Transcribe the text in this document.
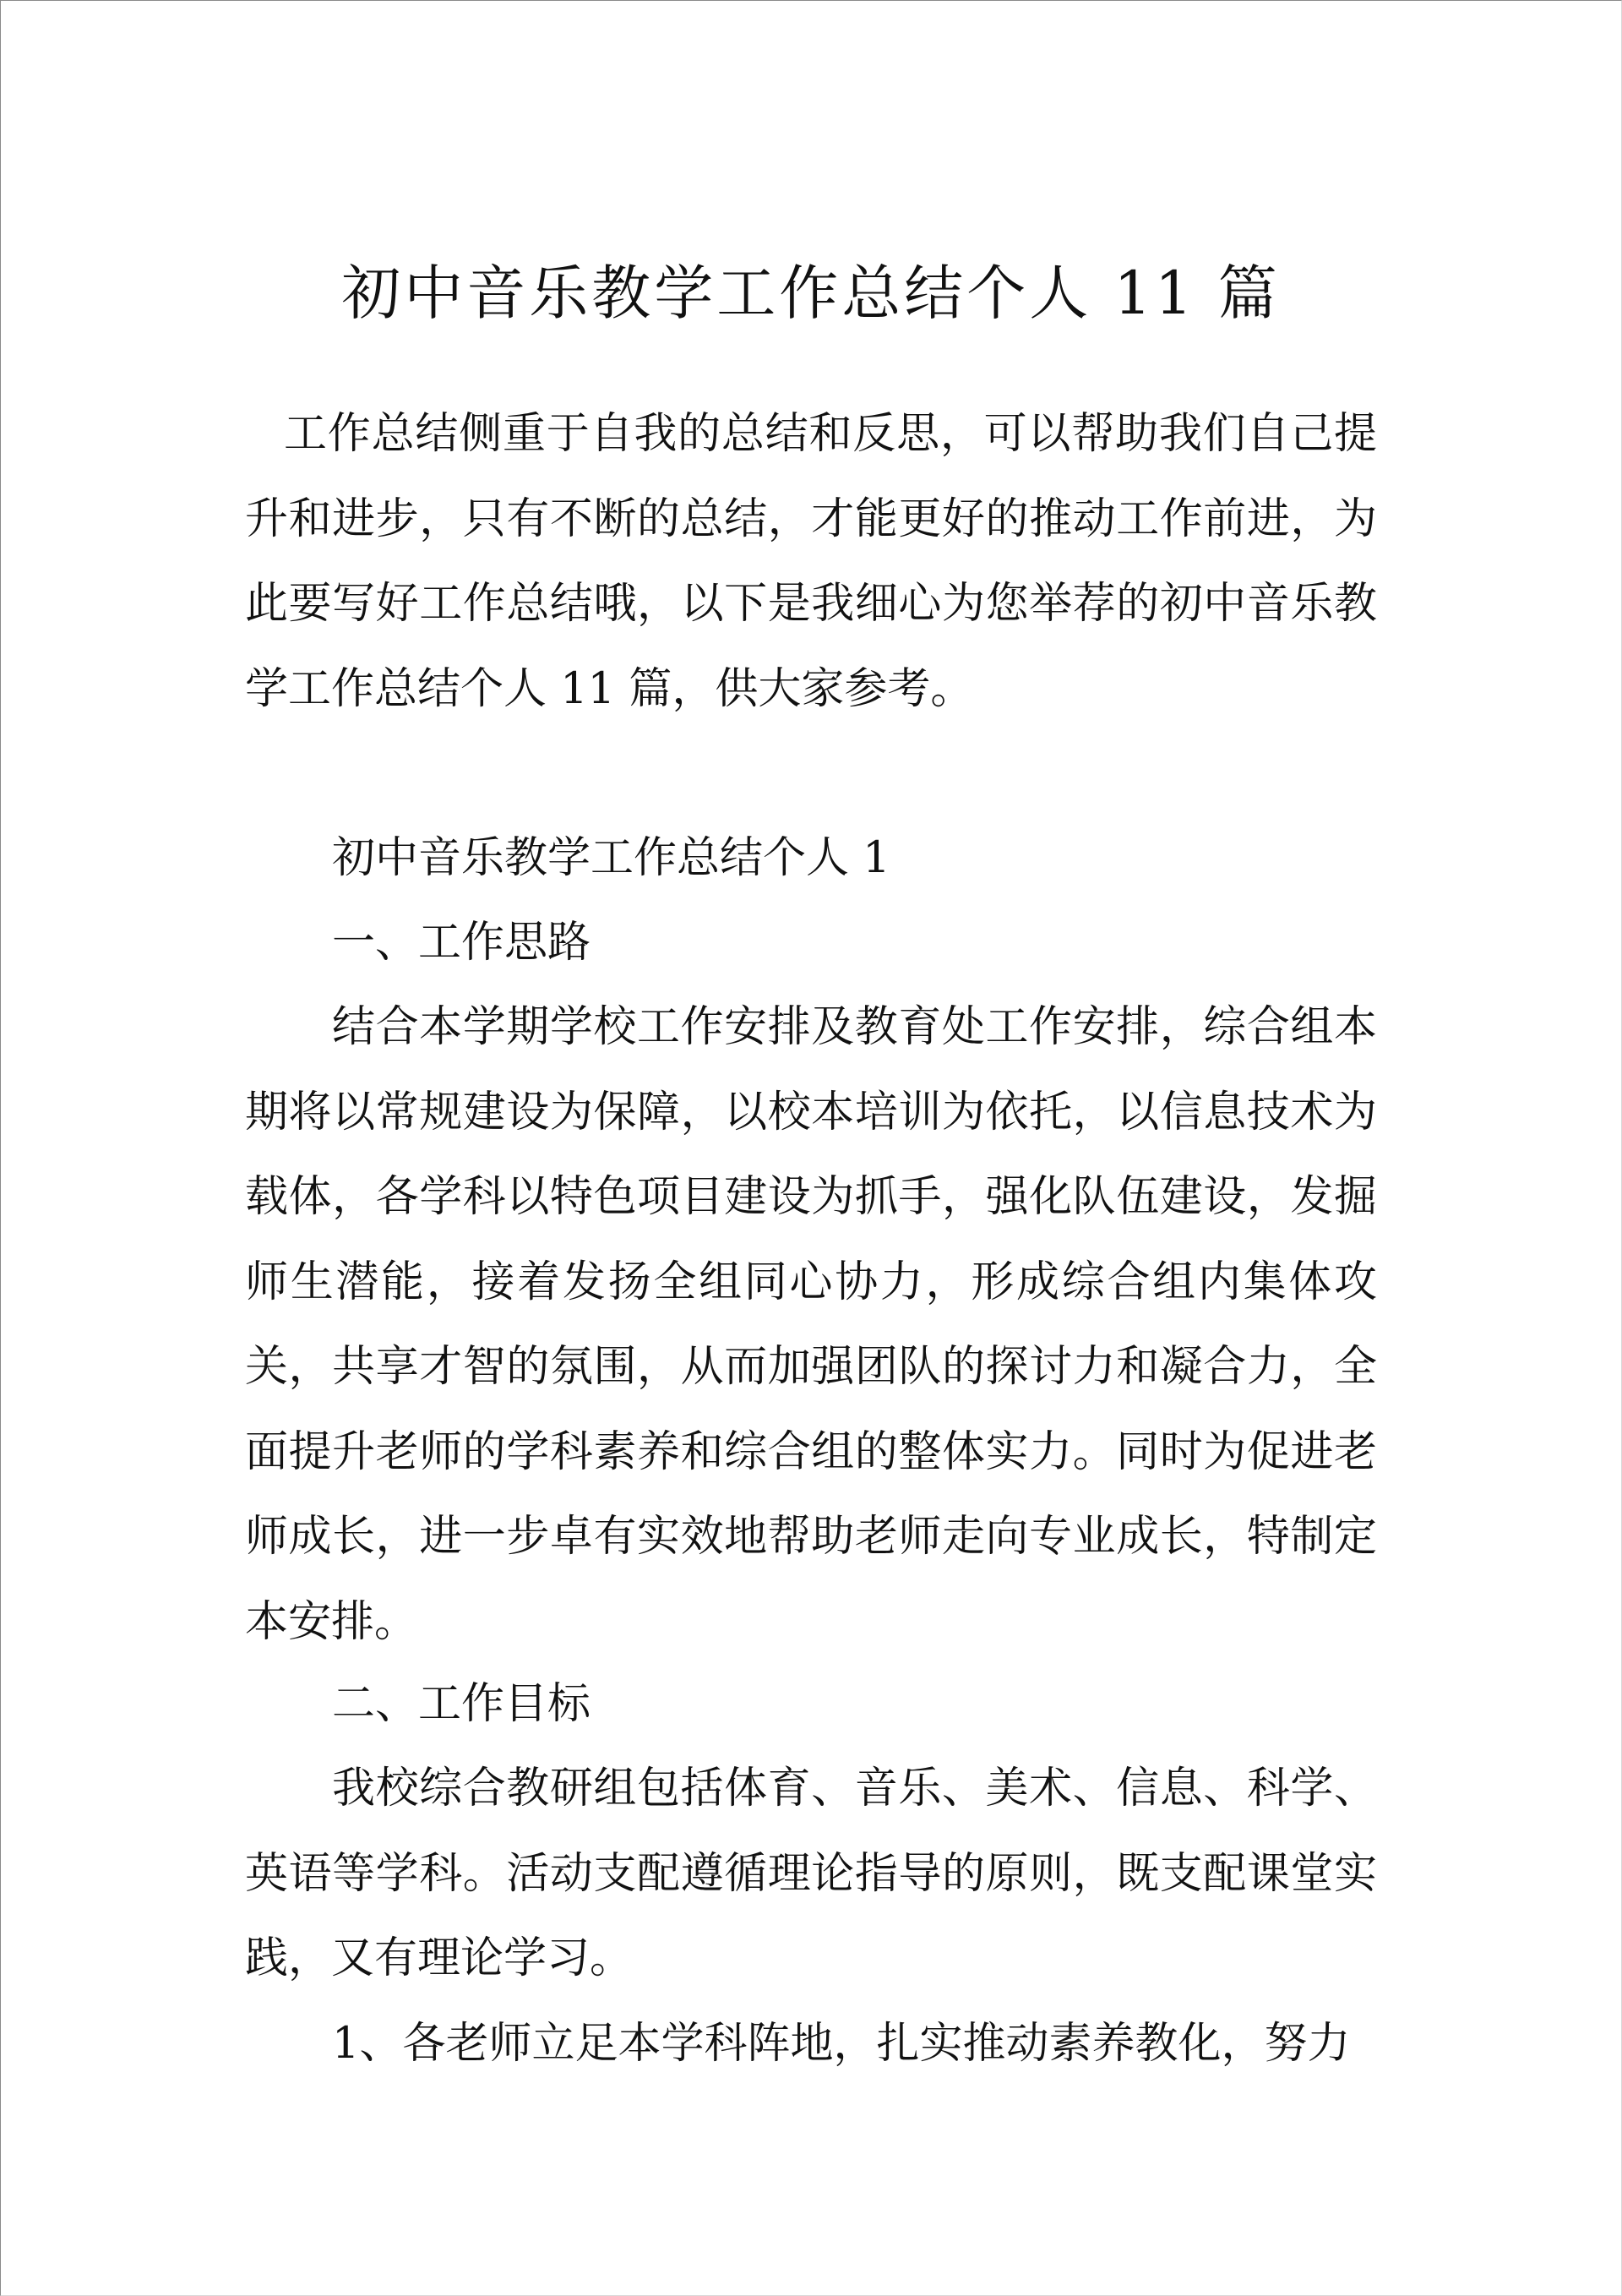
初中音乐教学工作总结个人 11 篇

工作总结侧重于自我的总结和反思，可以帮助我们自己提升和进步，只有不断的总结，才能更好的推动工作前进，为此要写好工作总结哦，以下是我细心为您举荐的初中音乐教学工作总结个人 11 篇，供大家参考。

初中音乐教学工作总结个人 1

一、工作思路

结合本学期学校工作安排及教育处工作安排，综合组本期将以常规建设为保障，以校本培训为依托，以信息技术为载体，各学科以特色项目建设为抓手，强化队伍建设，发掘师生潜能，接着发扬全组同心协力，形成综合组内集体攻关，共享才智的氛围，从而加强团队的探讨力和凝合力，全面提升老师的学科素养和综合组的整体实力。同时为促进老师成长，进一步卓有实效地帮助老师走向专业成长，特制定本安排。

二、工作目标

我校综合教研组包括体育、音乐、美术、信息、科学、英语等学科。活动支配遵循理论指导的原则，既支配课堂实践，又有理论学习。

1、各老师立足本学科阵地，扎实推动素养教化，努力
